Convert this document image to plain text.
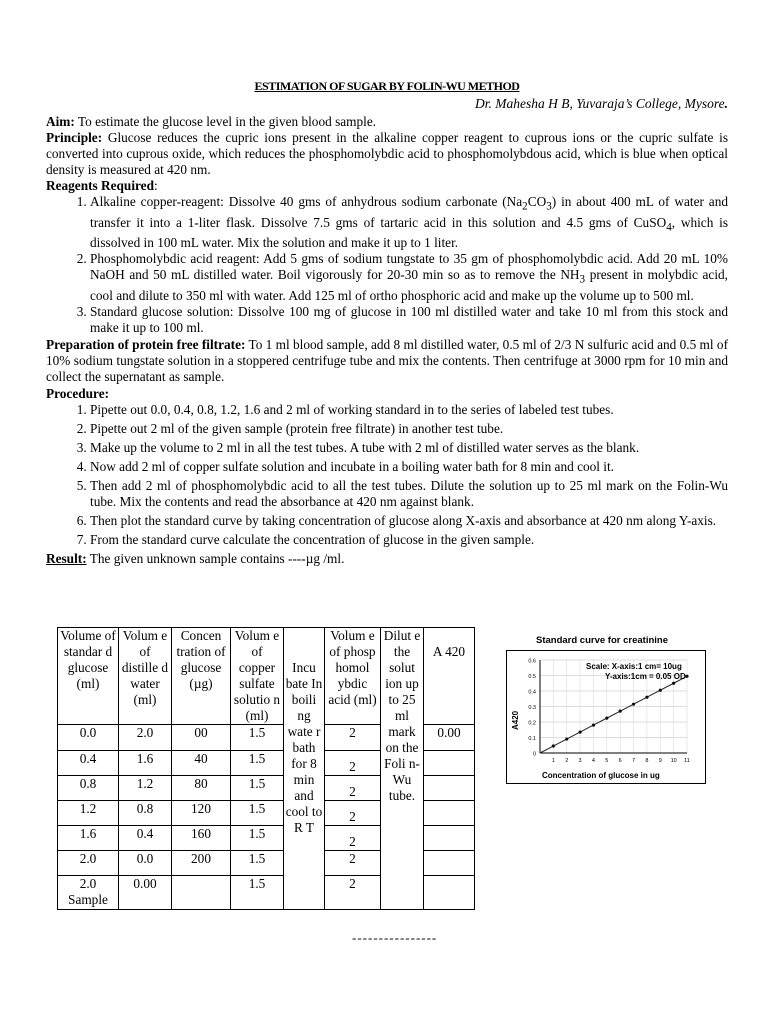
ESTIMATION OF SUGAR BY FOLIN-WU METHOD
Dr. Mahesha H B, Yuvaraja’s College, Mysore.

Aim: To estimate the glucose level in the given blood sample.

Principle: Glucose reduces the cupric ions present in the alkaline copper reagent to cuprous ions or the cupric sulfate is converted into cuprous oxide, which reduces the phosphomolybdic acid to phosphomolybdous acid, which is blue when optical density is measured at 420 nm.

Reagents Required:

1. Alkaline copper-reagent: Dissolve 40 gms of anhydrous sodium carbonate $(Na_2CO_3)$ in about 400 mL of water and transfer it into a 1-liter flask. Dissolve 7.5 gms of tartaric acid in this solution and 4.5 gms of CuSO$_4$, which is dissolved in 100 mL water. Mix the solution and make it up to 1 liter.
2. Phosphomolybdic acid reagent: Add 5 gms of sodium tungstate to 35 gm of phosphomolybdic acid. Add 20 mL 10% NaOH and 50 mL distilled water. Boil vigorously for 20-30 min so as to remove the $NH_3$ present in molybdic acid, cool and dilute to 350 ml with water. Add 125 ml of ortho phosphoric acid and make up the volume up to 500 ml.
3. Standard glucose solution: Dissolve 100 mg of glucose in 100 ml distilled water and take 10 ml from this stock and make it up to 100 ml.

Preparation of protein free filtrate: To 1 ml blood sample, add 8 ml distilled water, 0.5 ml of 2/3 N sulfuric acid and 0.5 ml of 10% sodium tungstate solution in a stoppered centrifuge tube and mix the contents. Then centrifuge at 3000 rpm for 10 min and collect the supernatant as sample.

Procedure:

1. Pipette out 0.0, 0.4, 0.8, 1.2, 1.6 and 2 ml of working standard in to the series of labeled test tubes.
2. Pipette out 2 ml of the given sample (protein free filtrate) in another test tube.
3. Make up the volume to 2 ml in all the test tubes. A tube with 2 ml of distilled water serves as the blank.
4. Now add 2 ml of copper sulfate solution and incubate in a boiling water bath for 8 min and cool it.
5. Then add 2 ml of phosphomolybdic acid to all the test tubes. Dilute the solution up to 25 ml mark on the Folin-Wu tube. Mix the contents and read the absorbance at 420 nm against blank.
6. Then plot the standard curve by taking concentration of glucose along X-axis and absorbance at 420 nm along Y-axis.
7. From the standard curve calculate the concentration of glucose in the given sample.

Result: The given unknown sample contains ----µg /ml.

Volume of standar d glucose (ml)	Volum e of distille d water (ml)	Concen tration of glucose (µg)	Volum e of copper sulfate solutio n (ml)	Incu bate In boili ng wate r bath for 8 min and cool to R T	Volum e of phosp homol ybdic acid (ml)	Dilut e the solut ion up to 25 ml mark on the Foli n- Wu tube.	A 420
0.0	2.0	00	1.5		2		0.00
0.4	1.6	40	1.5		2		
0.8	1.2	80	1.5		2		
1.2	0.8	120	1.5		2		
1.6	0.4	160	1.5		2		
2.0	0.0	200	1.5		2		
2.0 Sample	0.00		1.5		2		
----------------
Standard curve for creatinine
0
0.1
0.2
0.3
0.4
0.5
0.6
1 2 3 4 5 6 7 8 9 10 11
Scale: X-axis:1 cm= 10ug
Y-axis:1cm = 0.05 OD
Concentration of glucose in ug
A420
